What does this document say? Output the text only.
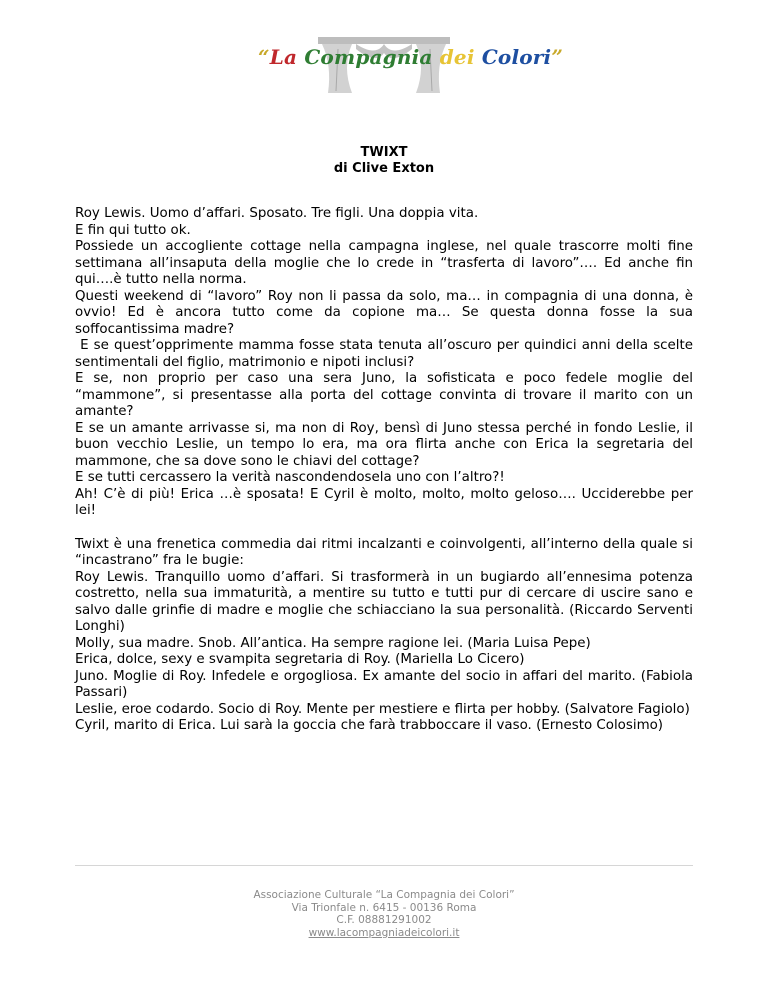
“La Compagnia dei Colori”
TWIXT
di Clive Exton

Roy Lewis. Uomo d’affari. Sposato. Tre figli. Una doppia vita.

E fin qui tutto ok.

Possiede un accogliente cottage nella campagna inglese, nel quale trascorre molti fine settimana all’insaputa della moglie che lo crede in “trasferta di lavoro”…. Ed anche fin qui….è tutto nella norma.

Questi weekend di “lavoro” Roy non li passa da solo, ma… in compagnia di una donna, è ovvio! Ed è ancora tutto come da copione ma… Se questa donna fosse la sua soffocantissima madre?

E se quest’opprimente mamma fosse stata tenuta all’oscuro per quindici anni della scelte sentimentali del figlio, matrimonio e nipoti inclusi?

E se, non proprio per caso una sera Juno, la sofisticata e poco fedele moglie del “mammone”, si presentasse alla porta del cottage convinta di trovare il marito con un amante?

E se un amante arrivasse si, ma non di Roy, bensì di Juno stessa perché in fondo Leslie, il buon vecchio Leslie, un tempo lo era, ma ora flirta anche con Erica la segretaria del mammone, che sa dove sono le chiavi del cottage?

E se tutti cercassero la verità nascondendosela uno con l’altro?!

Ah! C’è di più! Erica …è sposata! E Cyril è molto, molto, molto geloso…. Ucciderebbe per lei!

Twixt è una frenetica commedia dai ritmi incalzanti e coinvolgenti, all’interno della quale si “incastrano” fra le bugie:

Roy Lewis. Tranquillo uomo d’affari. Si trasformerà in un bugiardo all’ennesima potenza costretto, nella sua immaturità, a mentire su tutto e tutti pur di cercare di uscire sano e salvo dalle grinfie di madre e moglie che schiacciano la sua personalità. (Riccardo Serventi Longhi)

Molly, sua madre. Snob. All’antica. Ha sempre ragione lei. (Maria Luisa Pepe)

Erica, dolce, sexy e svampita segretaria di Roy. (Mariella Lo Cicero)

Juno. Moglie di Roy. Infedele e orgogliosa. Ex amante del socio in affari del marito. (Fabiola Passari)

Leslie, eroe codardo. Socio di Roy. Mente per mestiere e flirta per hobby. (Salvatore Fagiolo)

Cyril, marito di Erica. Lui sarà la goccia che farà trabboccare il vaso. (Ernesto Colosimo)

Associazione Culturale “La Compagnia dei Colori”
Via Trionfale n. 6415 - 00136 Roma
C.F. 08881291002
www.lacompagniadeicolori.it
